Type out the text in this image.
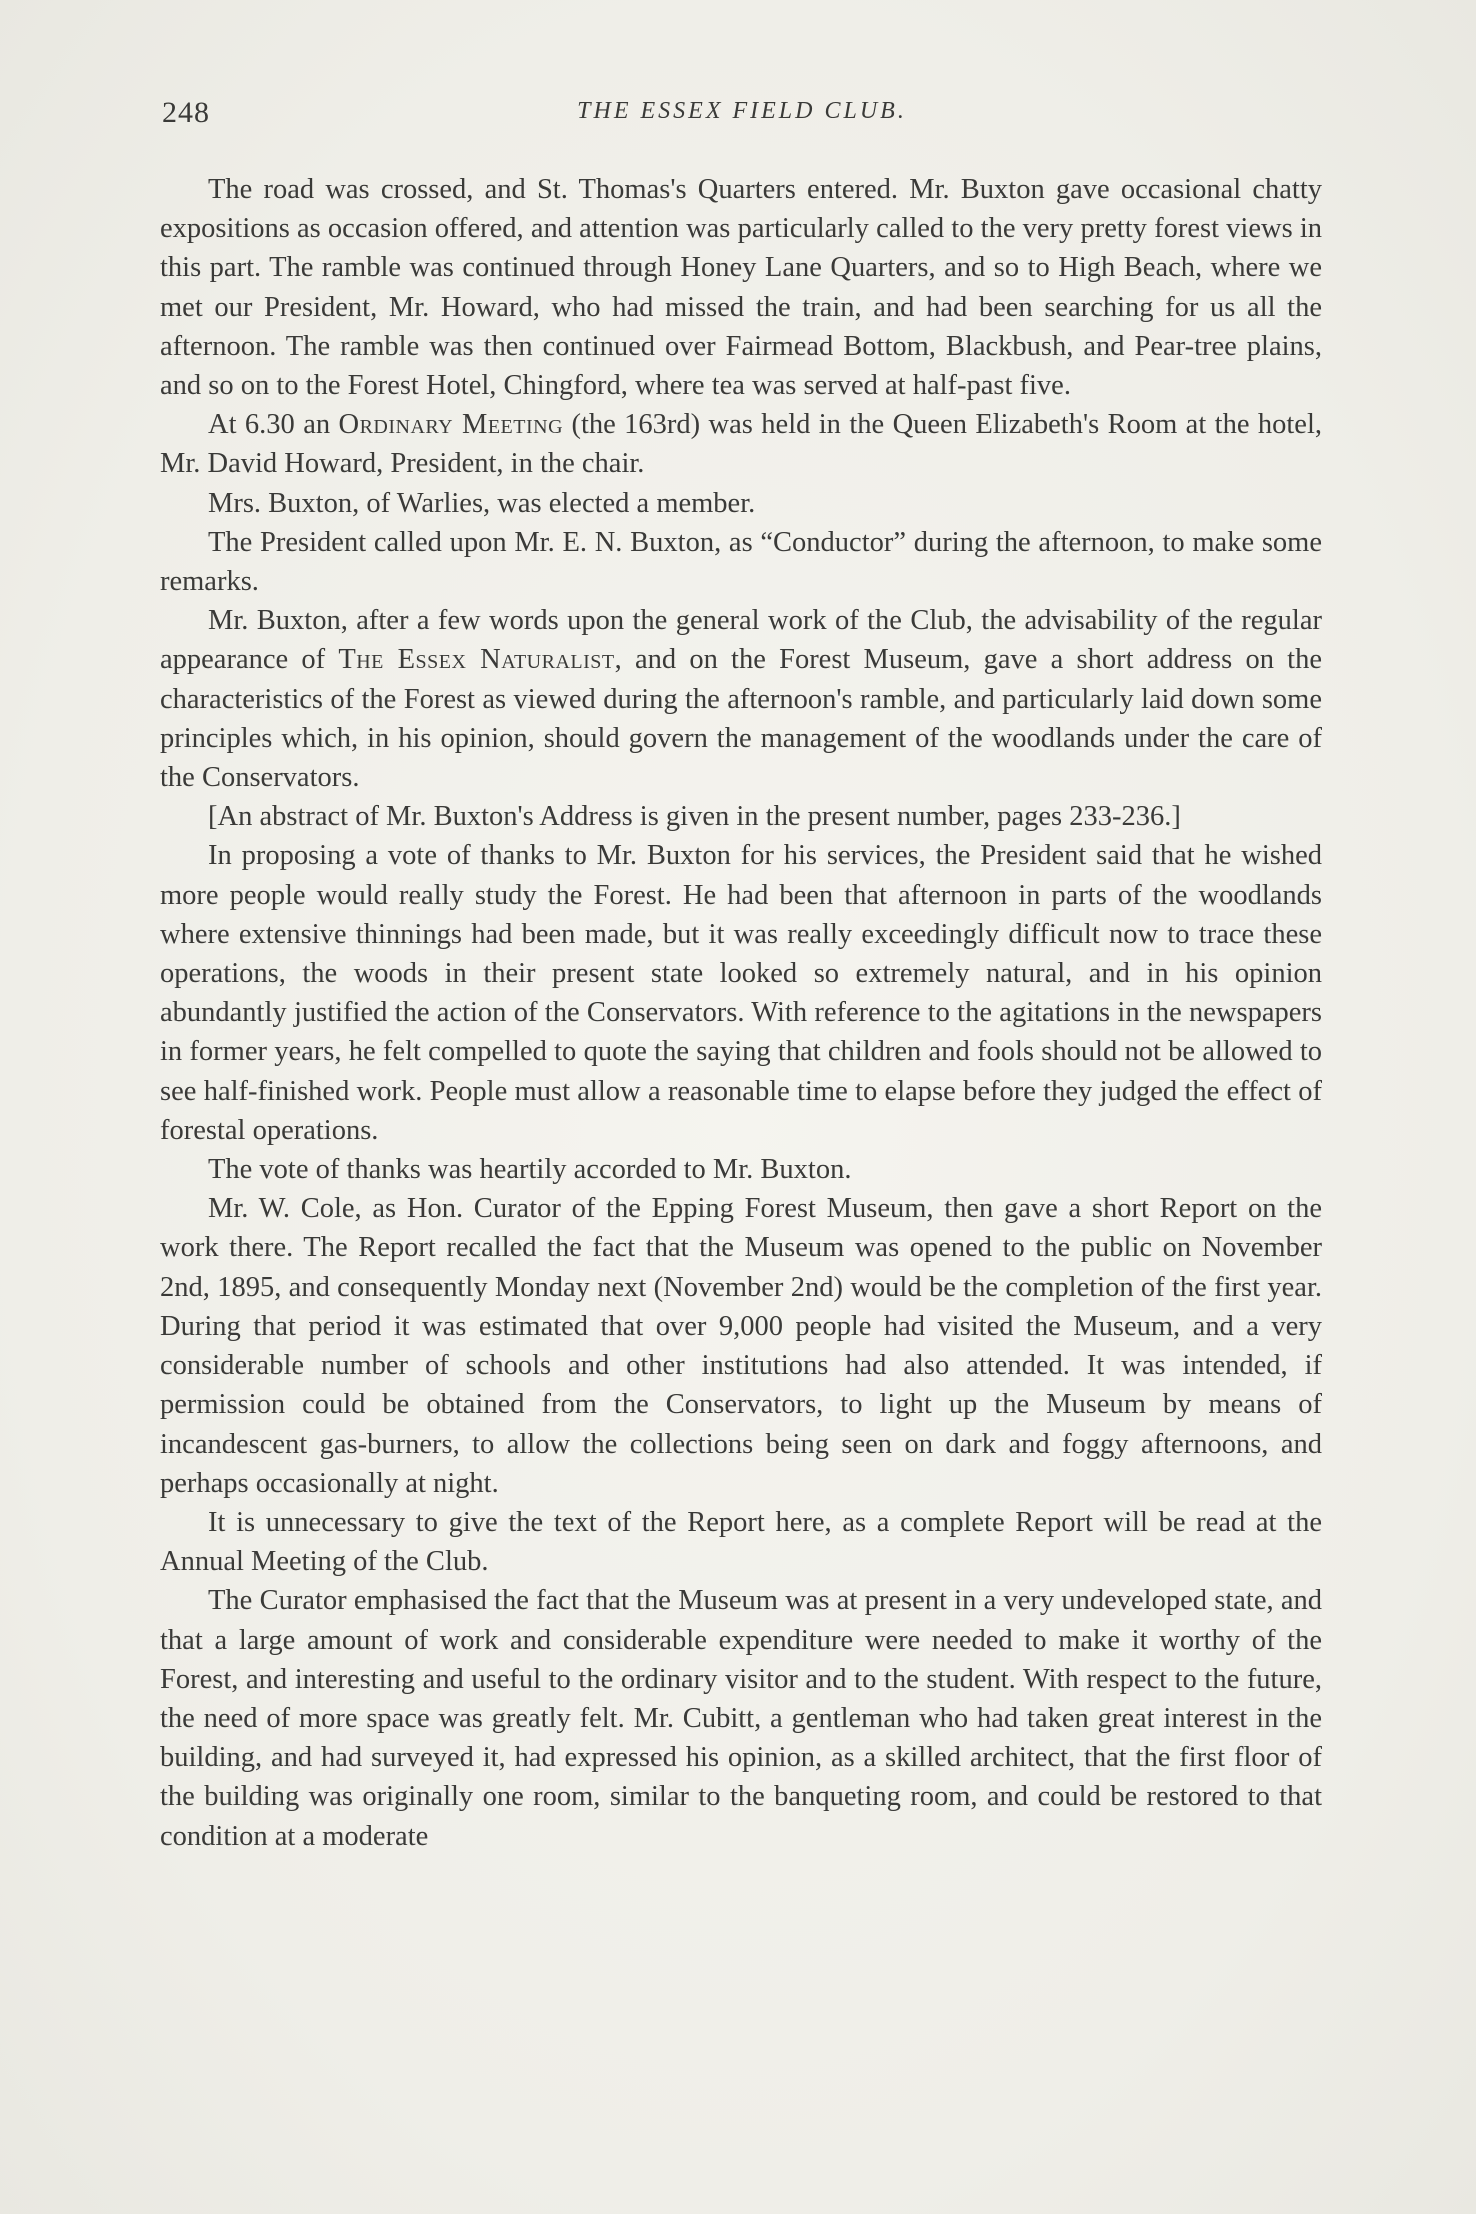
248	THE ESSEX FIELD CLUB.

The road was crossed, and St. Thomas's Quarters entered. Mr. Buxton gave occasional chatty expositions as occasion offered, and attention was particularly called to the very pretty forest views in this part. The ramble was continued through Honey Lane Quarters, and so to High Beach, where we met our President, Mr. Howard, who had missed the train, and had been searching for us all the afternoon. The ramble was then continued over Fairmead Bottom, Blackbush, and Pear-tree plains, and so on to the Forest Hotel, Chingford, where tea was served at half-past five.

At 6.30 an Ordinary Meeting (the 163rd) was held in the Queen Elizabeth's Room at the hotel, Mr. David Howard, President, in the chair.

Mrs. Buxton, of Warlies, was elected a member.

The President called upon Mr. E. N. Buxton, as “Conductor” during the afternoon, to make some remarks.

Mr. Buxton, after a few words upon the general work of the Club, the advisability of the regular appearance of The Essex Naturalist, and on the Forest Museum, gave a short address on the characteristics of the Forest as viewed during the afternoon's ramble, and particularly laid down some principles which, in his opinion, should govern the management of the woodlands under the care of the Conservators.

[An abstract of Mr. Buxton's Address is given in the present number, pages 233-236.]

In proposing a vote of thanks to Mr. Buxton for his services, the President said that he wished more people would really study the Forest. He had been that afternoon in parts of the woodlands where extensive thinnings had been made, but it was really exceedingly difficult now to trace these operations, the woods in their present state looked so extremely natural, and in his opinion abundantly justified the action of the Conservators. With reference to the agitations in the newspapers in former years, he felt compelled to quote the saying that children and fools should not be allowed to see half-finished work. People must allow a reasonable time to elapse before they judged the effect of forestal operations.

The vote of thanks was heartily accorded to Mr. Buxton.

Mr. W. Cole, as Hon. Curator of the Epping Forest Museum, then gave a short Report on the work there. The Report recalled the fact that the Museum was opened to the public on November 2nd, 1895, and consequently Monday next (November 2nd) would be the completion of the first year. During that period it was estimated that over 9,000 people had visited the Museum, and a very considerable number of schools and other institutions had also attended. It was intended, if permission could be obtained from the Conservators, to light up the Museum by means of incandescent gas-burners, to allow the collections being seen on dark and foggy afternoons, and perhaps occasionally at night.

It is unnecessary to give the text of the Report here, as a complete Report will be read at the Annual Meeting of the Club.

The Curator emphasised the fact that the Museum was at present in a very undeveloped state, and that a large amount of work and considerable expenditure were needed to make it worthy of the Forest, and interesting and useful to the ordinary visitor and to the student. With respect to the future, the need of more space was greatly felt. Mr. Cubitt, a gentleman who had taken great interest in the building, and had surveyed it, had expressed his opinion, as a skilled architect, that the first floor of the building was originally one room, similar to the banqueting room, and could be restored to that condition at a moderate
